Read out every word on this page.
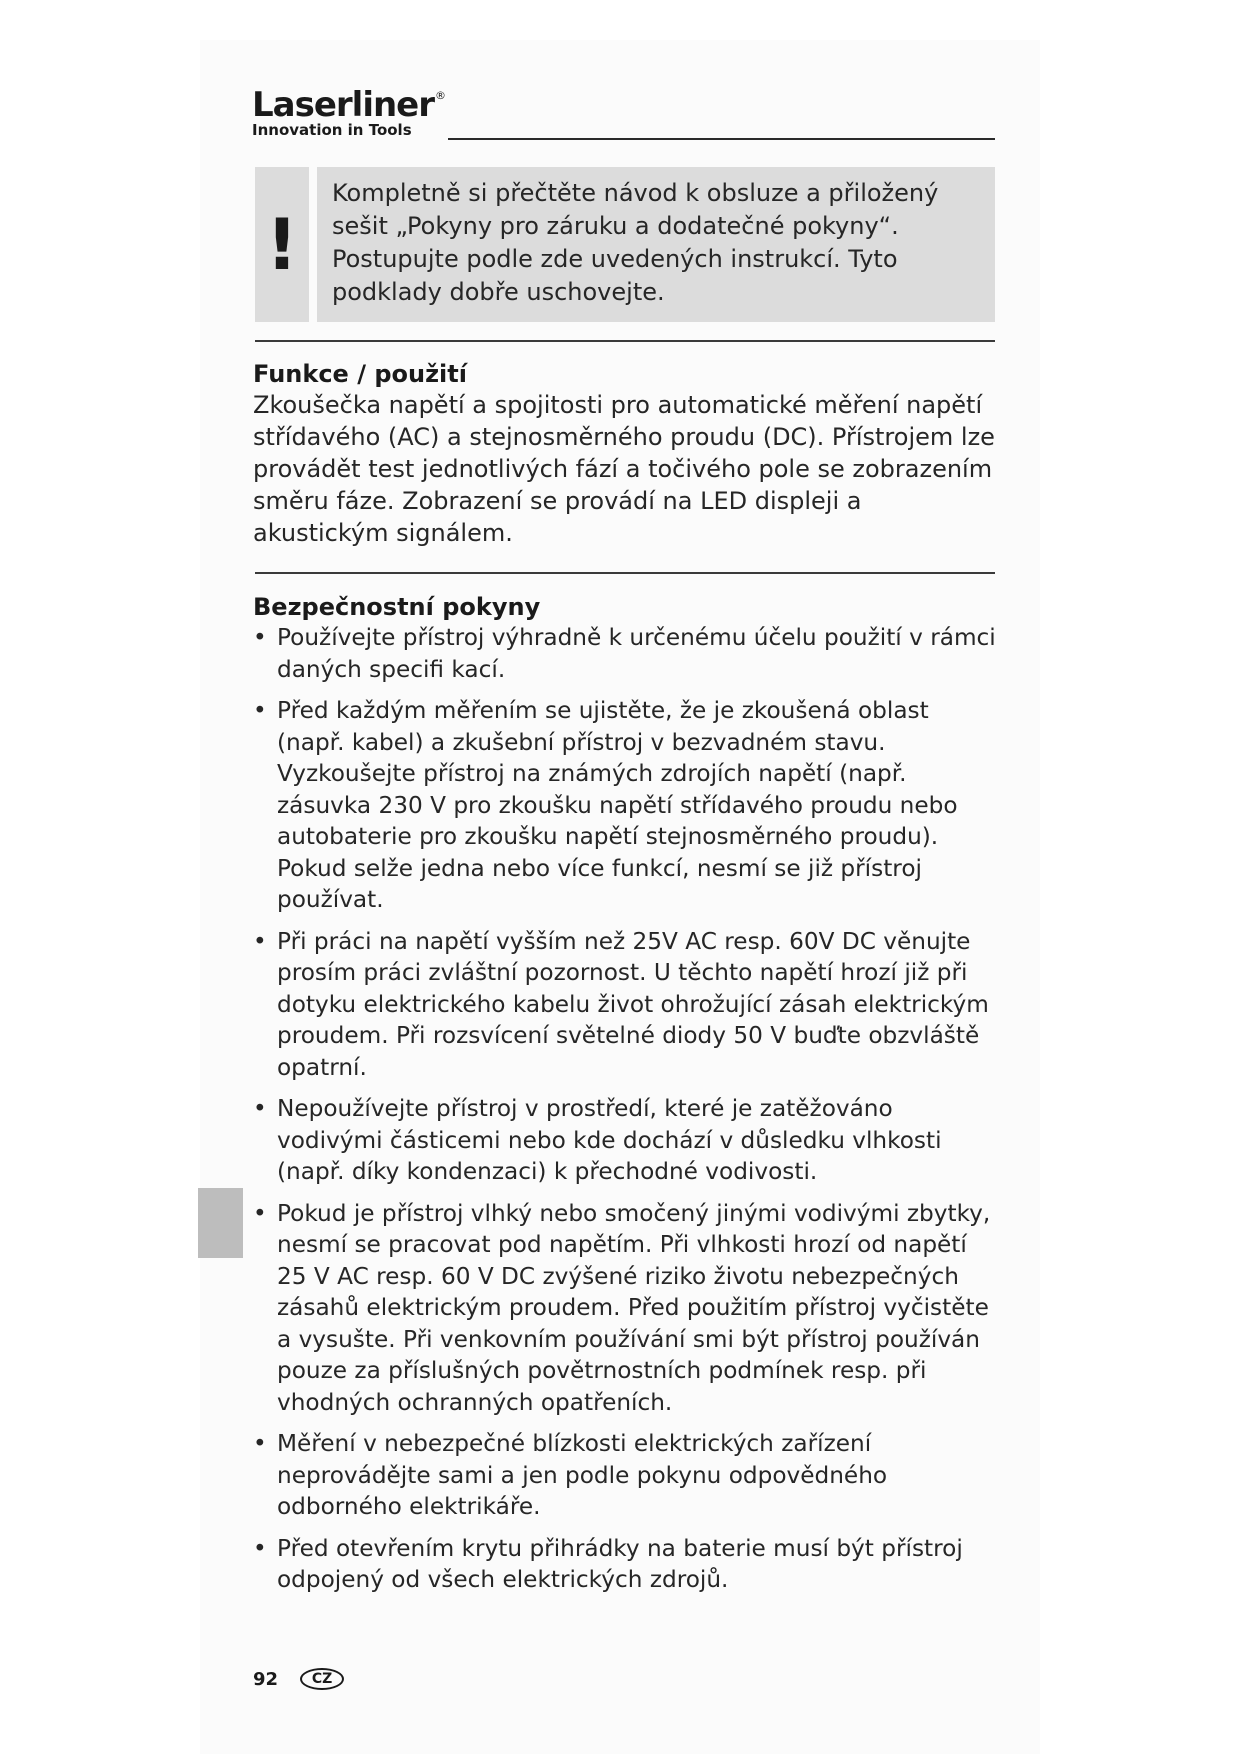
Laserliner®
Innovation in Tools
!

Kompletně si přečtěte návod k obsluze a přiložený sešit „Pokyny pro záruku a dodatečné pokyny“. Postupujte podle zde uvedených instrukcí. Tyto podklady dobře uschovejte.

Funkce / použití

Zkoušečka napětí a spojitosti pro automatické měření napětí střídavého (AC) a stejnosměrného proudu (DC). Přístrojem lze provádět test jednotlivých fází a točivého pole se zobrazením směru fáze. Zobrazení se provádí na LED displeji a akustickým signálem.

Bezpečnostní pokyny
• Používejte přístroj výhradně k určenému účelu použití v rámci daných specifi kací.
• Před každým měřením se ujistěte, že je zkoušená oblast (např. kabel) a zkušební přístroj v bezvadném stavu. Vyzkoušejte přístroj na známých zdrojích napětí (např. zásuvka 230 V pro zkoušku napětí střídavého proudu nebo autobaterie pro zkoušku napětí stejnosměrného proudu). Pokud selže jedna nebo více funkcí, nesmí se již přístroj používat.
• Při práci na napětí vyšším než 25V AC resp. 60V DC věnujte prosím práci zvláštní pozornost. U těchto napětí hrozí již při dotyku elektrického kabelu život ohrožující zásah elektrickým proudem. Při rozsvícení světelné diody 50 V buďte obzvláště opatrní.
• Nepoužívejte přístroj v prostředí, které je zatěžováno vodivými částicemi nebo kde dochází v důsledku vlhkosti (např. díky kondenzaci) k přechodné vodivosti.
• Pokud je přístroj vlhký nebo smočený jinými vodivými zbytky, nesmí se pracovat pod napětím. Při vlhkosti hrozí od napětí 25 V AC resp. 60 V DC zvýšené riziko životu nebezpečných zásahů elektrickým proudem. Před použitím přístroj vyčistěte a vysušte. Při venkovním používání smi být přístroj používán pouze za příslušných povětrnostních podmínek resp. při vhodných ochranných opatřeních.
• Měření v nebezpečné blízkosti elektrických zařízení neprovádějte sami a jen podle pokynu odpovědného odborného elektrikáře.
• Před otevřením krytu přihrádky na baterie musí být přístroj odpojený od všech elektrických zdrojů.
92	CZ
